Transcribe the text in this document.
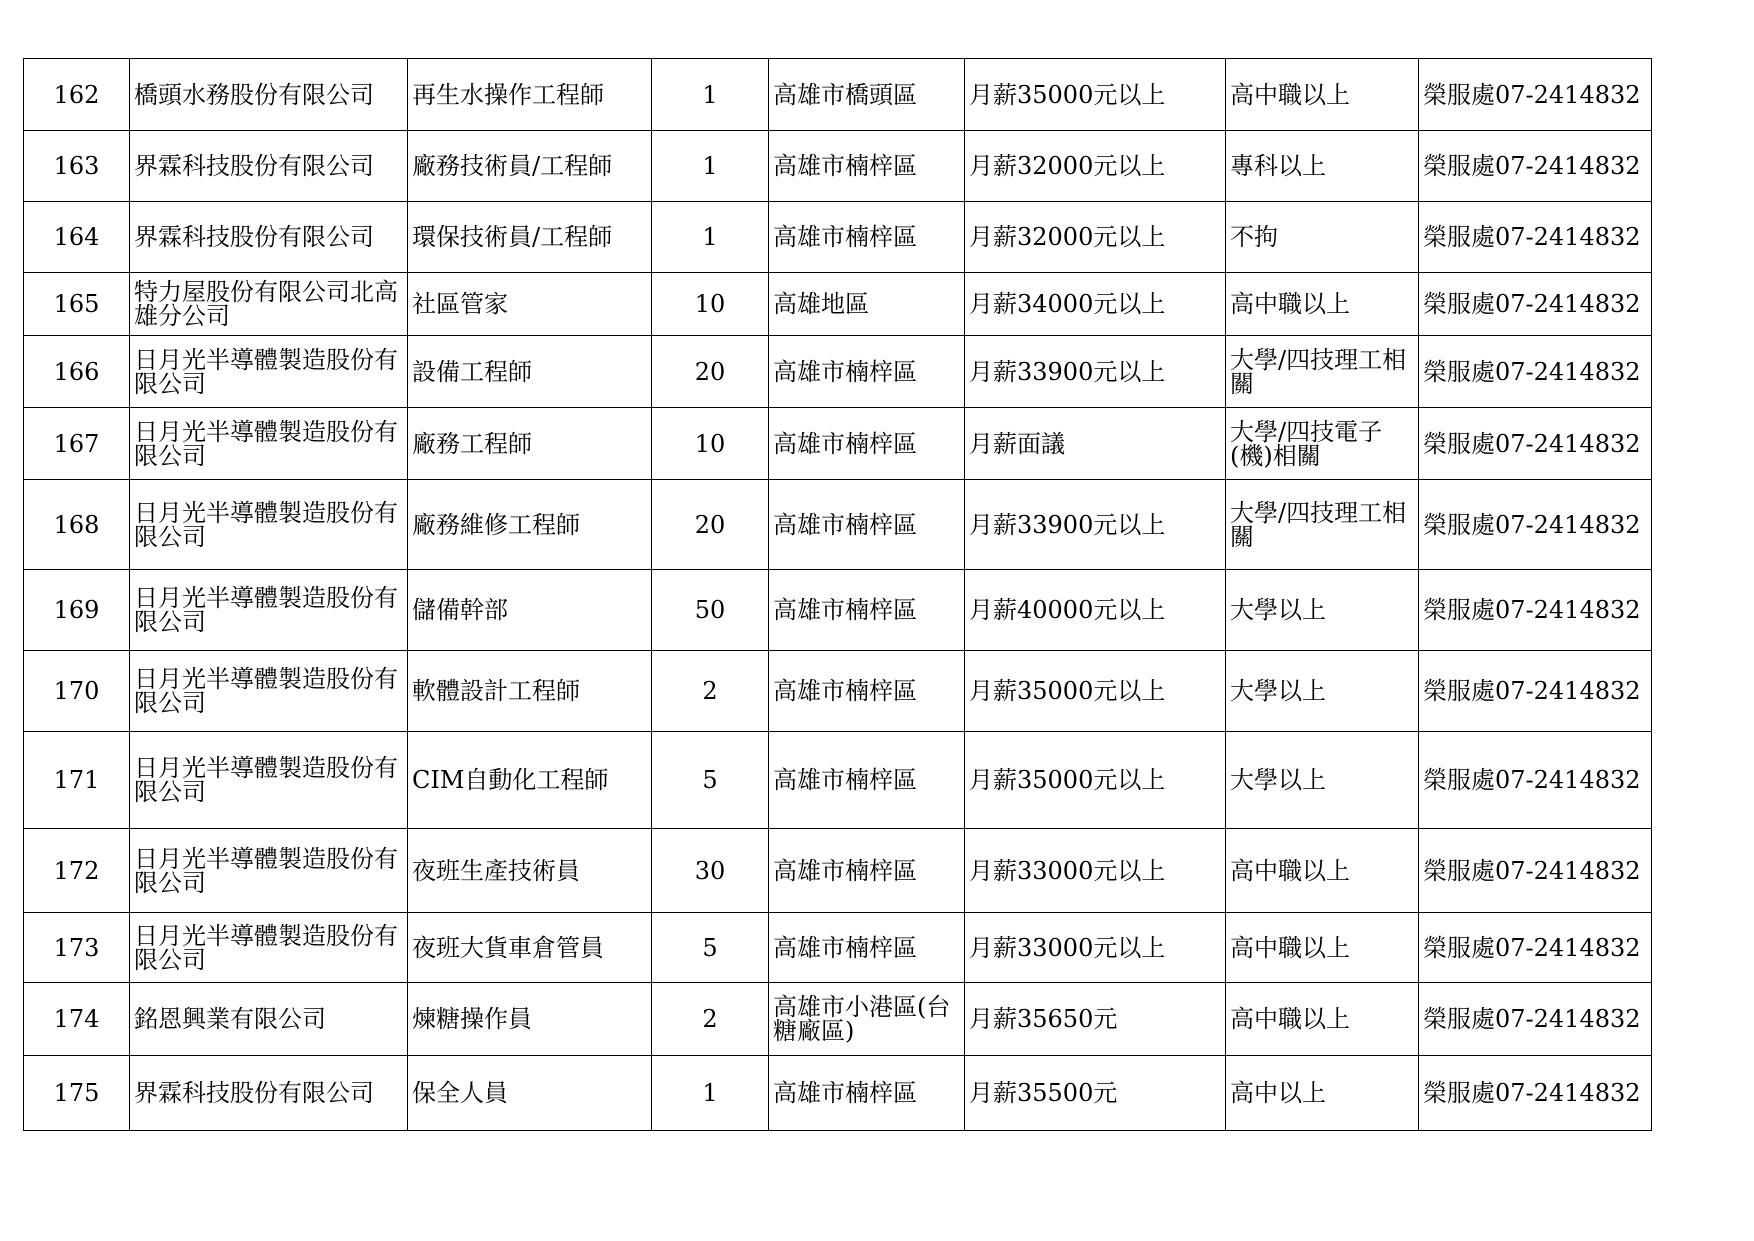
162	橋頭水務股份有限公司	再生水操作工程師	1	高雄市橋頭區	月薪35000元以上	高中職以上	榮服處07-2414832
163	界霖科技股份有限公司	廠務技術員/工程師	1	高雄市楠梓區	月薪32000元以上	專科以上	榮服處07-2414832
164	界霖科技股份有限公司	環保技術員/工程師	1	高雄市楠梓區	月薪32000元以上	不拘	榮服處07-2414832
165	特力屋股份有限公司北高雄分公司	社區管家	10	高雄地區	月薪34000元以上	高中職以上	榮服處07-2414832
166	日月光半導體製造股份有限公司	設備工程師	20	高雄市楠梓區	月薪33900元以上	大學/四技理工相關	榮服處07-2414832
167	日月光半導體製造股份有限公司	廠務工程師	10	高雄市楠梓區	月薪面議	大學/四技電子(機)相關	榮服處07-2414832
168	日月光半導體製造股份有限公司	廠務維修工程師	20	高雄市楠梓區	月薪33900元以上	大學/四技理工相關	榮服處07-2414832
169	日月光半導體製造股份有限公司	儲備幹部	50	高雄市楠梓區	月薪40000元以上	大學以上	榮服處07-2414832
170	日月光半導體製造股份有限公司	軟體設計工程師	2	高雄市楠梓區	月薪35000元以上	大學以上	榮服處07-2414832
171	日月光半導體製造股份有限公司	CIM自動化工程師	5	高雄市楠梓區	月薪35000元以上	大學以上	榮服處07-2414832
172	日月光半導體製造股份有限公司	夜班生產技術員	30	高雄市楠梓區	月薪33000元以上	高中職以上	榮服處07-2414832
173	日月光半導體製造股份有限公司	夜班大貨車倉管員	5	高雄市楠梓區	月薪33000元以上	高中職以上	榮服處07-2414832
174	銘恩興業有限公司	煉糖操作員	2	高雄市小港區(台糖廠區)	月薪35650元	高中職以上	榮服處07-2414832
175	界霖科技股份有限公司	保全人員	1	高雄市楠梓區	月薪35500元	高中以上	榮服處07-2414832
